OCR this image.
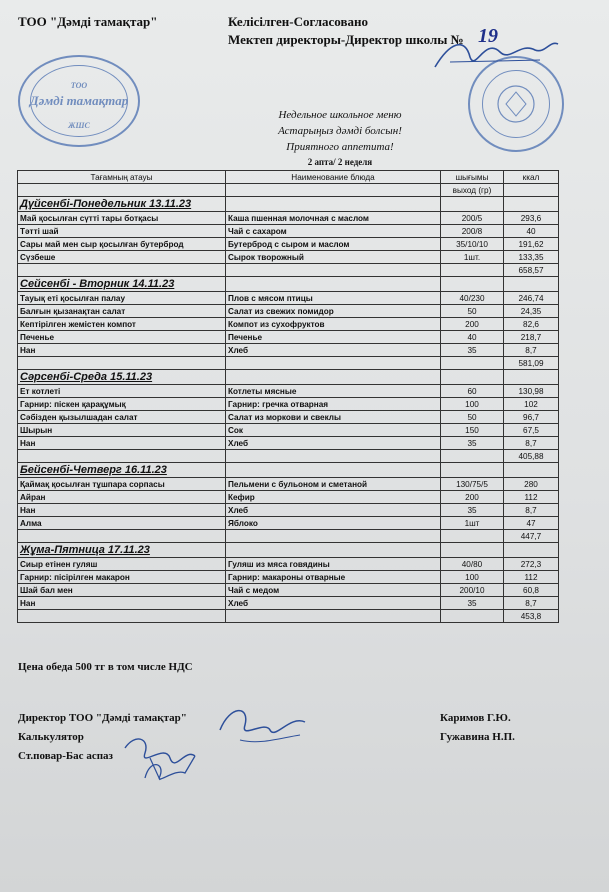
ТОО "Дәмді тамақтар"	Келісілген-Согласовано
Мектеп директоры-Директор школы № 19
ТОО
Дәмді тамақтар
ЖШС
Недельное школьное меню
Астарыңыз дәмді болсын!
Приятного аппетита!
2 апта/ 2 неделя
Тағамның атауы	Наименование блюда	шығымы	ккал
		выход (гр)	
Дүйсенбі-Понедельник 13.11.23			
Май қосылған сүтті тары ботқасы	Каша пшенная молочная с маслом	200/5	293,6
Тәтті шай	Чай с сахаром	200/8	40
Сары май мен сыр қосылған бутерброд	Бутерброд с сыром и маслом	35/10/10	191,62
Сүзбеше	Сырок творожный	1шт.	133,35
			658,57
Сейсенбі - Вторник 14.11.23			
Тауық еті қосылған палау	Плов с мясом птицы	40/230	246,74
Балғын қызанақтан салат	Салат из свежих помидор	50	24,35
Кептірілген жемістен компот	Компот из сухофруктов	200	82,6
Печенье	Печенье	40	218,7
Нан	Хлеб	35	8,7
			581,09
Сәрсенбі-Среда 15.11.23			
Ет котлеті	Котлеты мясные	60	130,98
Гарнир: піскен қарақұмық	Гарнир: гречка отварная	100	102
Сәбізден қызылшадан салат	Салат из моркови и свеклы	50	96,7
Шырын	Сок	150	67,5
Нан	Хлеб	35	8,7
			405,88
Бейсенбі-Четверг 16.11.23			
Қаймақ қосылған тұшпара сорпасы	Пельмени с бульоном и сметаной	130/75/5	280
Айран	Кефир	200	112
Нан	Хлеб	35	8,7
Алма	Яблоко	1шт	47
			447,7
Жұма-Пятница 17.11.23			
Сиыр етінен гуляш	Гуляш из мяса говядины	40/80	272,3
Гарнир: пісірілген макарон	Гарнир: макароны отварные	100	112
Шай бал мен	Чай с медом	200/10	60,8
Нан	Хлеб	35	8,7
			453,8
Цена обеда 500 тг в том числе НДС
Директор ТОО "Дәмді тамақтар"	Каримов Г.Ю.
Калькулятор	Гужавина Н.П.
Ст.повар-Бас аспаз
